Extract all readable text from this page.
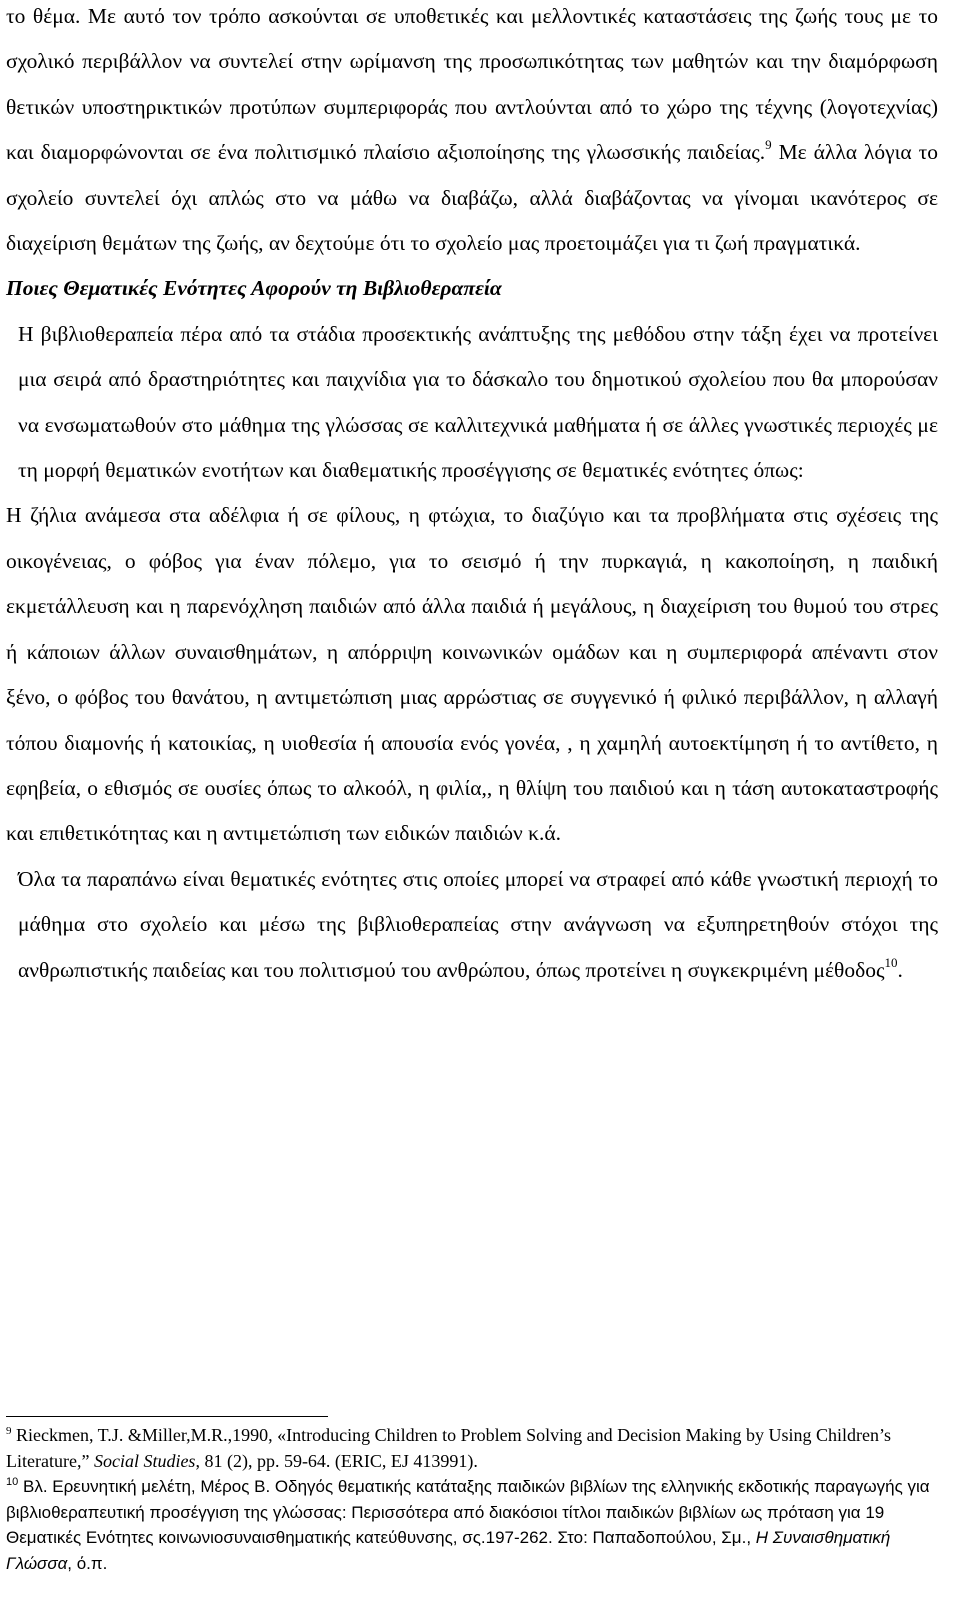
το θέμα. Με αυτό τον τρόπο ασκούνται σε υποθετικές και μελλοντικές καταστάσεις της ζωής τους με το σχολικό περιβάλλον να συντελεί στην ωρίμανση της προσωπικότητας των μαθητών και την διαμόρφωση θετικών υποστηρικτικών προτύπων συμπεριφοράς που αντλούνται από το χώρο της τέχνης (λογοτεχνίας) και διαμορφώνονται σε ένα πολιτισμικό πλαίσιο αξιοποίησης της γλωσσικής παιδείας.$^9$ Με άλλα λόγια το σχολείο συντελεί όχι απλώς στο να μάθω να διαβάζω, αλλά διαβάζοντας να γίνομαι ικανότερος σε διαχείριση θεμάτων της ζωής, αν δεχτούμε ότι το σχολείο μας προετοιμάζει για τι ζωή πραγματικά.

Ποιες Θεματικές Ενότητες Αφορούν τη Βιβλιοθεραπεία

Η βιβλιοθεραπεία πέρα από τα στάδια προσεκτικής ανάπτυξης της μεθόδου στην τάξη έχει να προτείνει μια σειρά από δραστηριότητες και παιχνίδια για το δάσκαλο του δημοτικού σχολείου που θα μπορούσαν να ενσωματωθούν στο μάθημα της γλώσσας σε καλλιτεχνικά μαθήματα ή σε άλλες γνωστικές περιοχές με τη μορφή θεματικών ενοτήτων και διαθεματικής προσέγγισης σε θεματικές ενότητες όπως:

Η ζήλια ανάμεσα στα αδέλφια ή σε φίλους, η φτώχια, το διαζύγιο και τα προβλήματα στις σχέσεις της οικογένειας, ο φόβος για έναν πόλεμο, για το σεισμό ή την πυρκαγιά, η κακοποίηση, η παιδική εκμετάλλευση και η παρενόχληση παιδιών από άλλα παιδιά ή μεγάλους, η διαχείριση του θυμού του στρες ή κάποιων άλλων συναισθημάτων, η απόρριψη κοινωνικών ομάδων και η συμπεριφορά απέναντι στον ξένο, ο φόβος του θανάτου, η αντιμετώπιση μιας αρρώστιας σε συγγενικό ή φιλικό περιβάλλον, η αλλαγή τόπου διαμονής ή κατοικίας, η υιοθεσία ή απουσία ενός γονέα, , η χαμηλή αυτοεκτίμηση ή το αντίθετο, η εφηβεία, ο εθισμός σε ουσίες όπως το αλκοόλ, η φιλία,, η θλίψη του παιδιού και η τάση αυτοκαταστροφής και επιθετικότητας και η αντιμετώπιση των ειδικών παιδιών κ.ά.

Όλα τα παραπάνω είναι θεματικές ενότητες στις οποίες μπορεί να στραφεί από κάθε γνωστική περιοχή το μάθημα στο σχολείο και μέσω της βιβλιοθεραπείας στην ανάγνωση να εξυπηρετηθούν στόχοι της ανθρωπιστικής παιδείας και του πολιτισμού του ανθρώπου, όπως προτείνει η συγκεκριμένη μέθοδος$^{10}$.

$^9$ Rieckmen, T.J. &Miller,M.R.,1990, «Introducing Children to Problem Solving and Decision Making by Using Children’s Literature,” Social Studies, 81 (2), pp. 59-64. (ERIC, EJ 413991).

$^{10}$ Βλ. Ερευνητική μελέτη, Μέρος Β. Οδηγός θεματικής κατάταξης παιδικών βιβλίων της ελληνικής εκδοτικής παραγωγής για βιβλιοθεραπευτική προσέγγιση της γλώσσας: Περισσότερα από διακόσιοι τίτλοι παιδικών βιβλίων ως πρόταση για 19 Θεματικές Ενότητες κοινωνιοσυναισθηματικής κατεύθυνσης, σς.197-262. Στο: Παπαδοπούλου, Σμ., Η Συναισθηματική Γλώσσα, ό.π.
